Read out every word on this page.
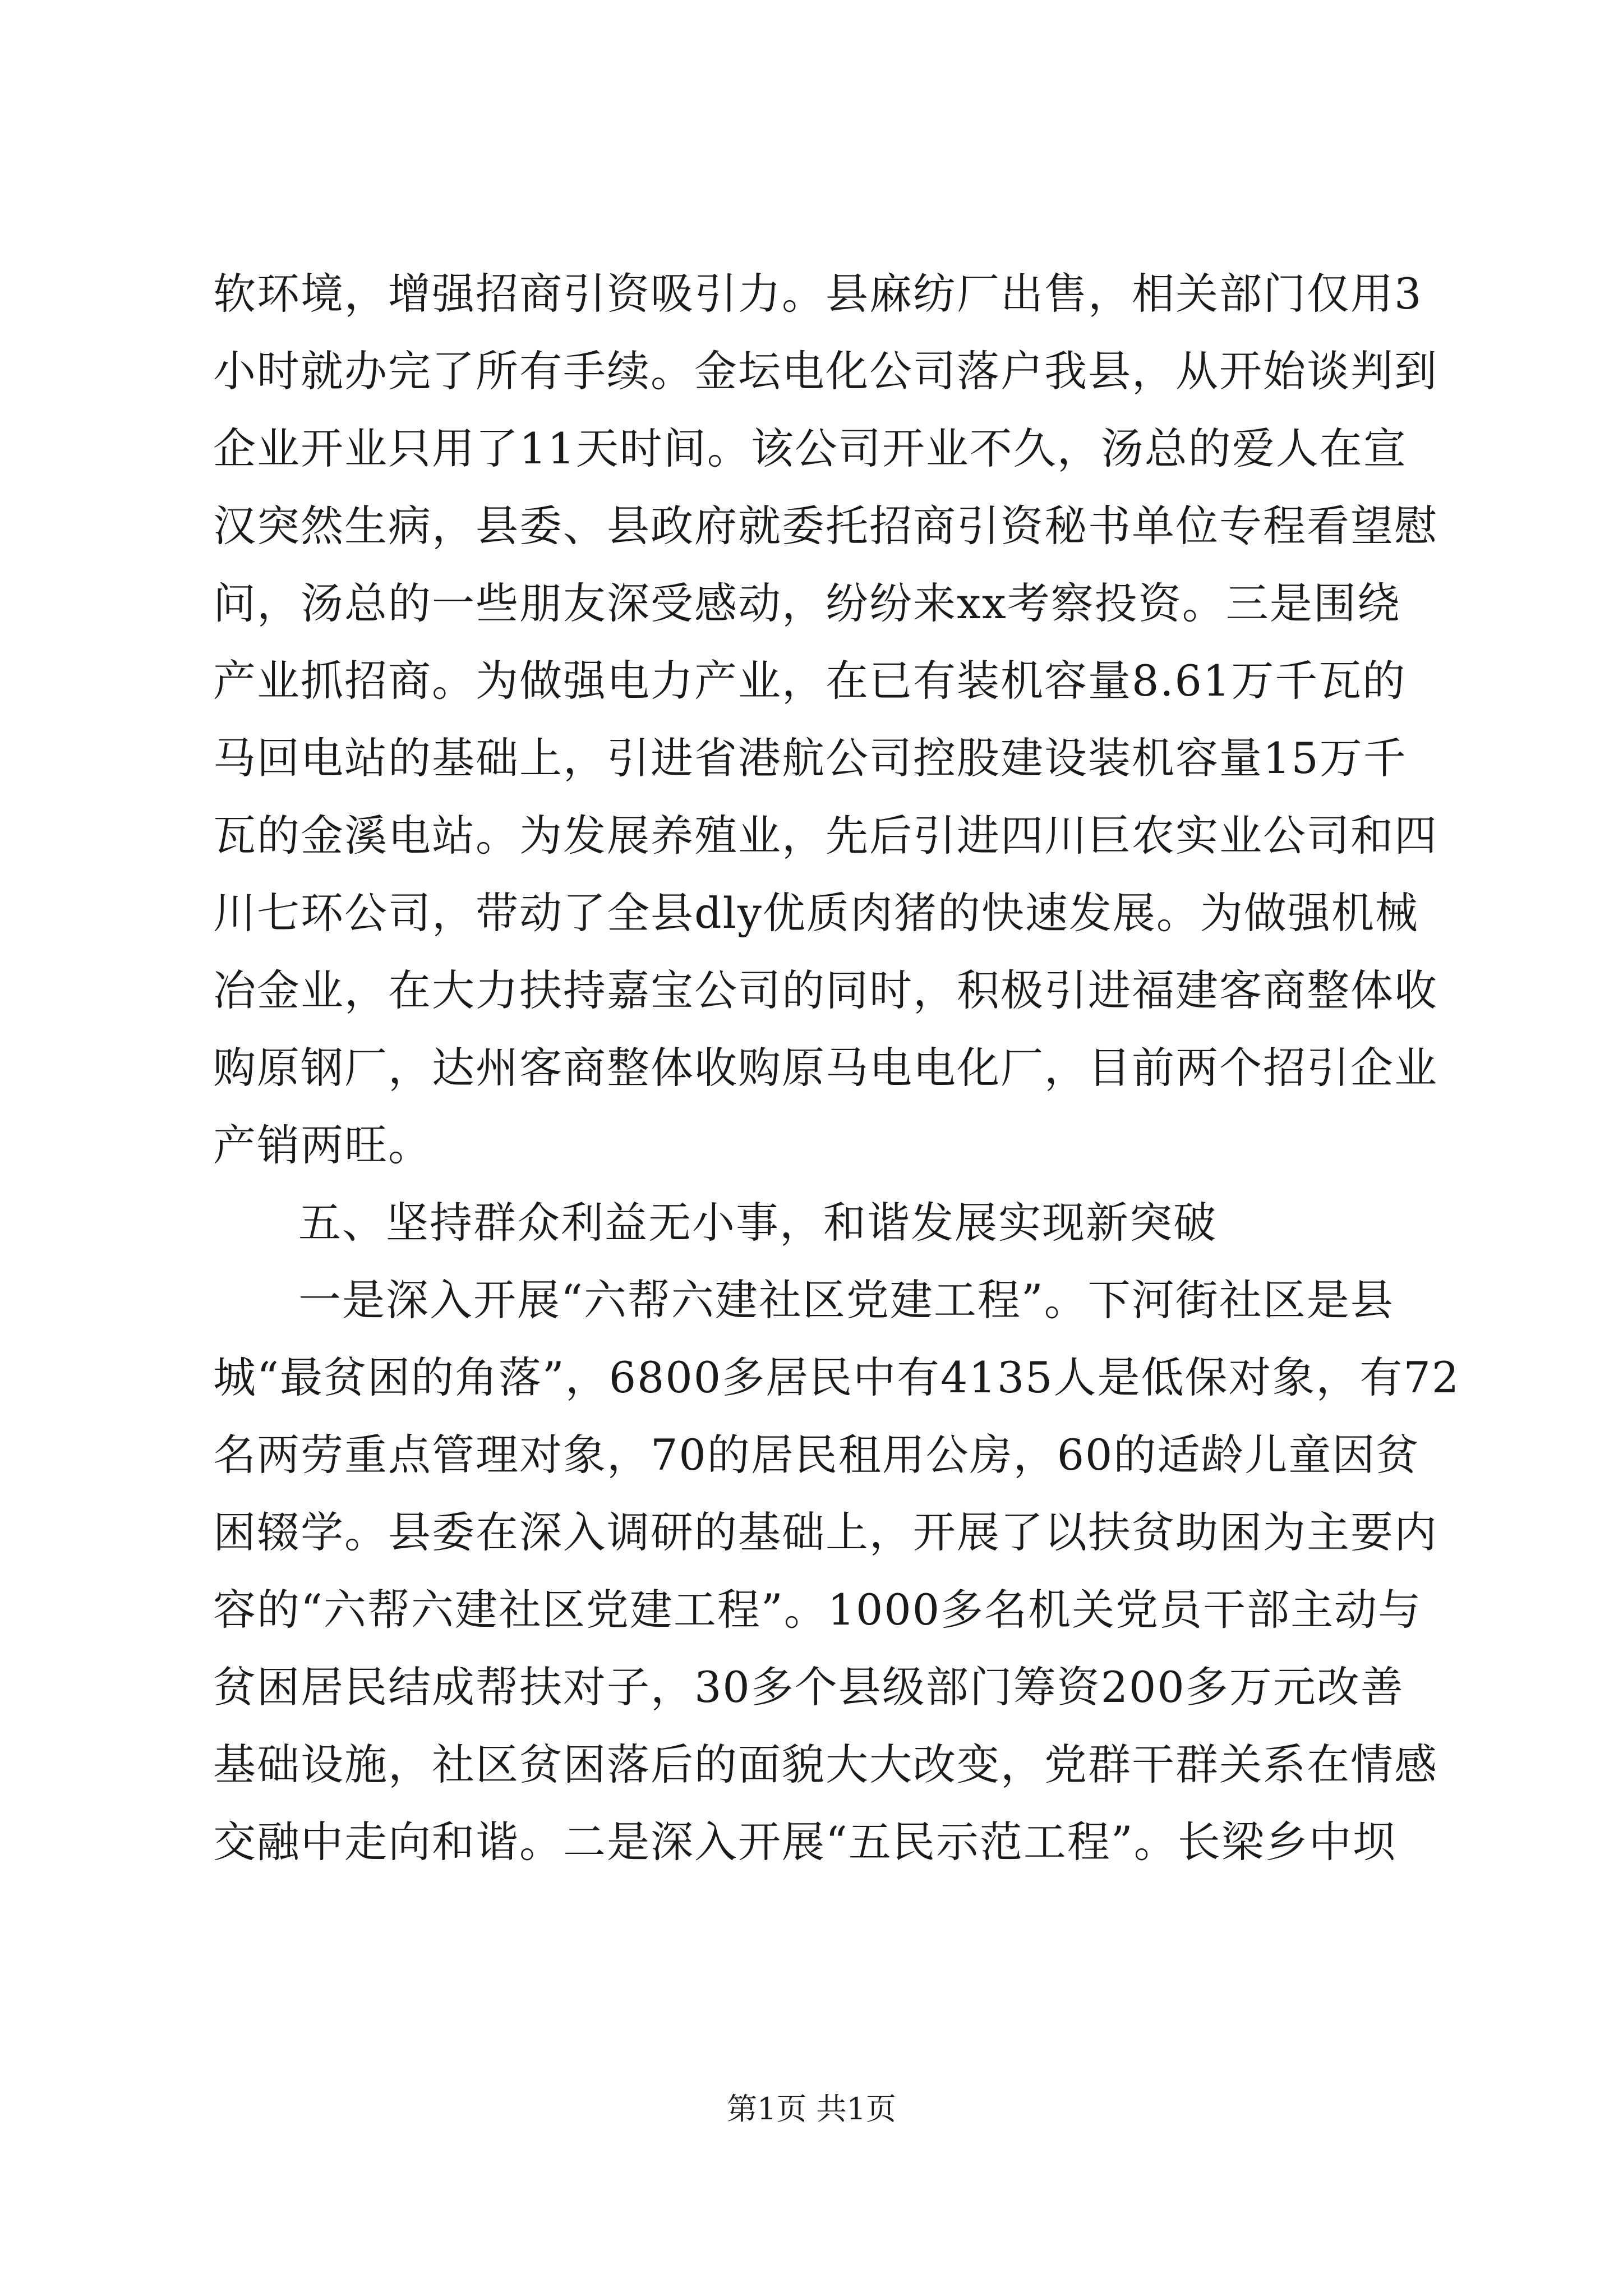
软环境，增强招商引资吸引力。县麻纺厂出售，相关部门仅用3
小时就办完了所有手续。金坛电化公司落户我县，从开始谈判到
企业开业只用了11天时间。该公司开业不久，汤总的爱人在宣
汉突然生病，县委、县政府就委托招商引资秘书单位专程看望慰
问，汤总的一些朋友深受感动，纷纷来xx考察投资。三是围绕
产业抓招商。为做强电力产业，在已有装机容量8.61万千瓦的
马回电站的基础上，引进省港航公司控股建设装机容量15万千
瓦的金溪电站。为发展养殖业，先后引进四川巨农实业公司和四
川七环公司，带动了全县dly优质肉猪的快速发展。为做强机械
冶金业，在大力扶持嘉宝公司的同时，积极引进福建客商整体收
购原钢厂，达州客商整体收购原马电电化厂，目前两个招引企业
产销两旺。
五、坚持群众利益无小事，和谐发展实现新突破
一是深入开展“六帮六建社区党建工程”。下河街社区是县
城“最贫困的角落”，6800多居民中有4135人是低保对象，有72
名两劳重点管理对象，70的居民租用公房，60的适龄儿童因贫
困辍学。县委在深入调研的基础上，开展了以扶贫助困为主要内
容的“六帮六建社区党建工程”。1000多名机关党员干部主动与
贫困居民结成帮扶对子，30多个县级部门筹资200多万元改善
基础设施，社区贫困落后的面貌大大改变，党群干群关系在情感
交融中走向和谐。二是深入开展“五民示范工程”。长梁乡中坝
第1页 共1页
